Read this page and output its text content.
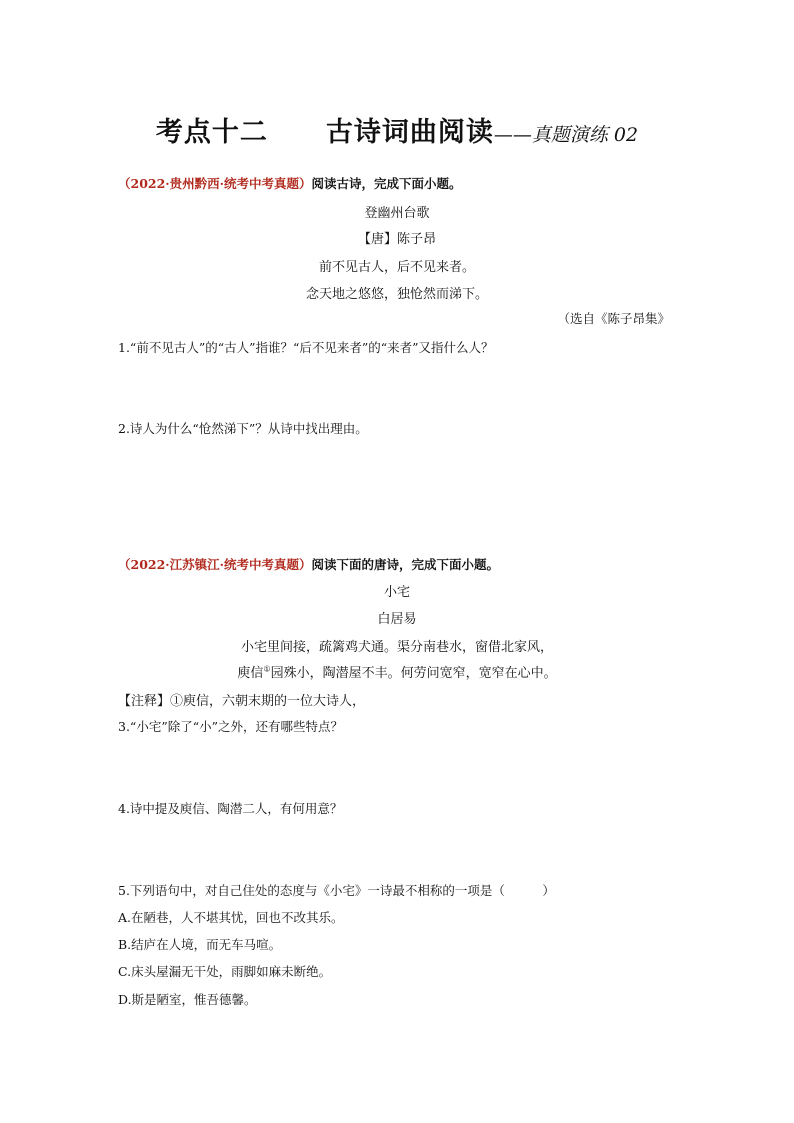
考点十二 古诗词曲阅读——真题演练 02
（2022·贵州黔西·统考中考真题）阅读古诗，完成下面小题。
登幽州台歌
【唐】陈子昂
前不见古人，后不见来者。
念天地之悠悠，独怆然而涕下。
（选自《陈子昂集》
1.“前不见古人”的“古人”指谁？“后不见来者”的“来者”又指什么人？
2.诗人为什么“怆然涕下”？从诗中找出理由。
（2022·江苏镇江·统考中考真题）阅读下面的唐诗，完成下面小题。
小宅
白居易
小宅里间接，疏篱鸡犬通。渠分南巷水，窗借北家风，
庾信①园殊小，陶潜屋不丰。何劳问宽窄，宽窄在心中。
【注释】①庾信，六朝末期的一位大诗人，
3.“小宅”除了“小”之外，还有哪些特点？
4.诗中提及庾信、陶潜二人，有何用意？
5.下列语句中，对自己住处的态度与《小宅》一诗最不相称的一项是（　　　）
A.在陋巷，人不堪其忧，回也不改其乐。
B.结庐在人境，而无车马喧。
C.床头屋漏无干处，雨脚如麻未断绝。
D.斯是陋室，惟吾德馨。
